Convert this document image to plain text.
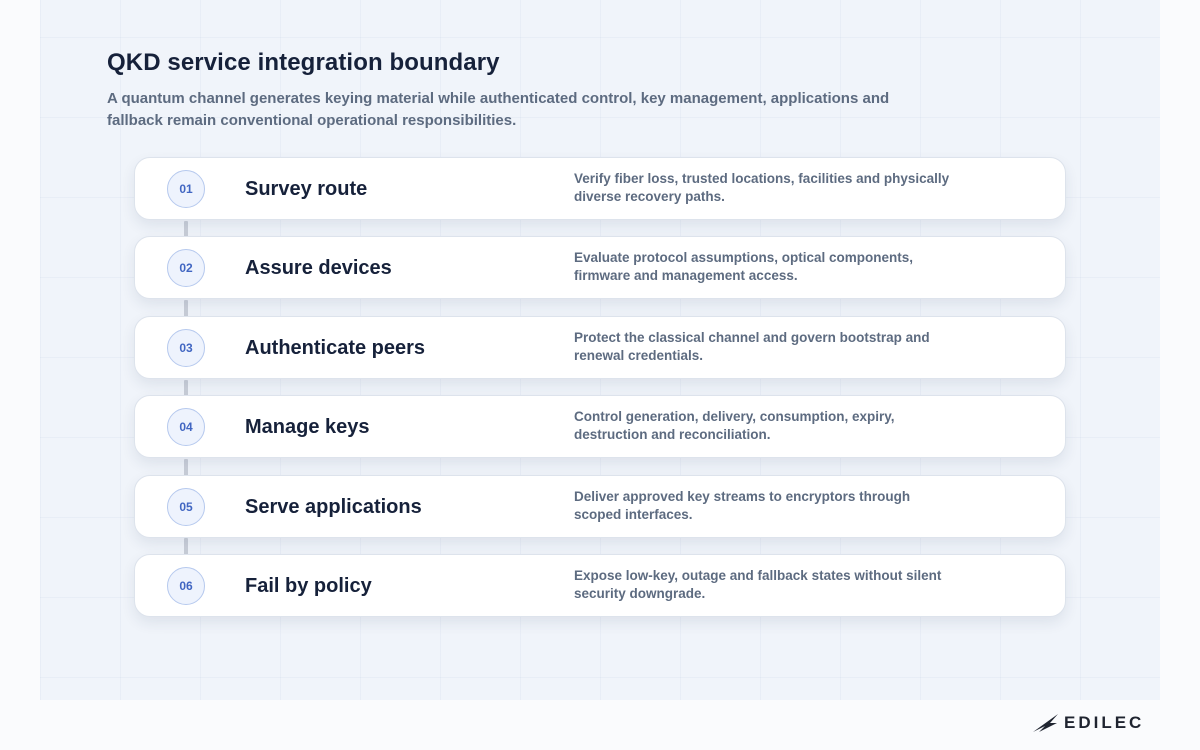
QKD service integration boundary

A quantum channel generates keying material while authenticated control, key management, applications and fallback remain conventional operational responsibilities.

01	Survey route	Verify fiber loss, trusted locations, facilities and physically diverse recovery paths.
02	Assure devices	Evaluate protocol assumptions, optical components, firmware and management access.
03	Authenticate peers	Protect the classical channel and govern bootstrap and renewal credentials.
04	Manage keys	Control generation, delivery, consumption, expiry, destruction and reconciliation.
05	Serve applications	Deliver approved key streams to encryptors through scoped interfaces.
06	Fail by policy	Expose low-key, outage and fallback states without silent security downgrade.
EDILEC
